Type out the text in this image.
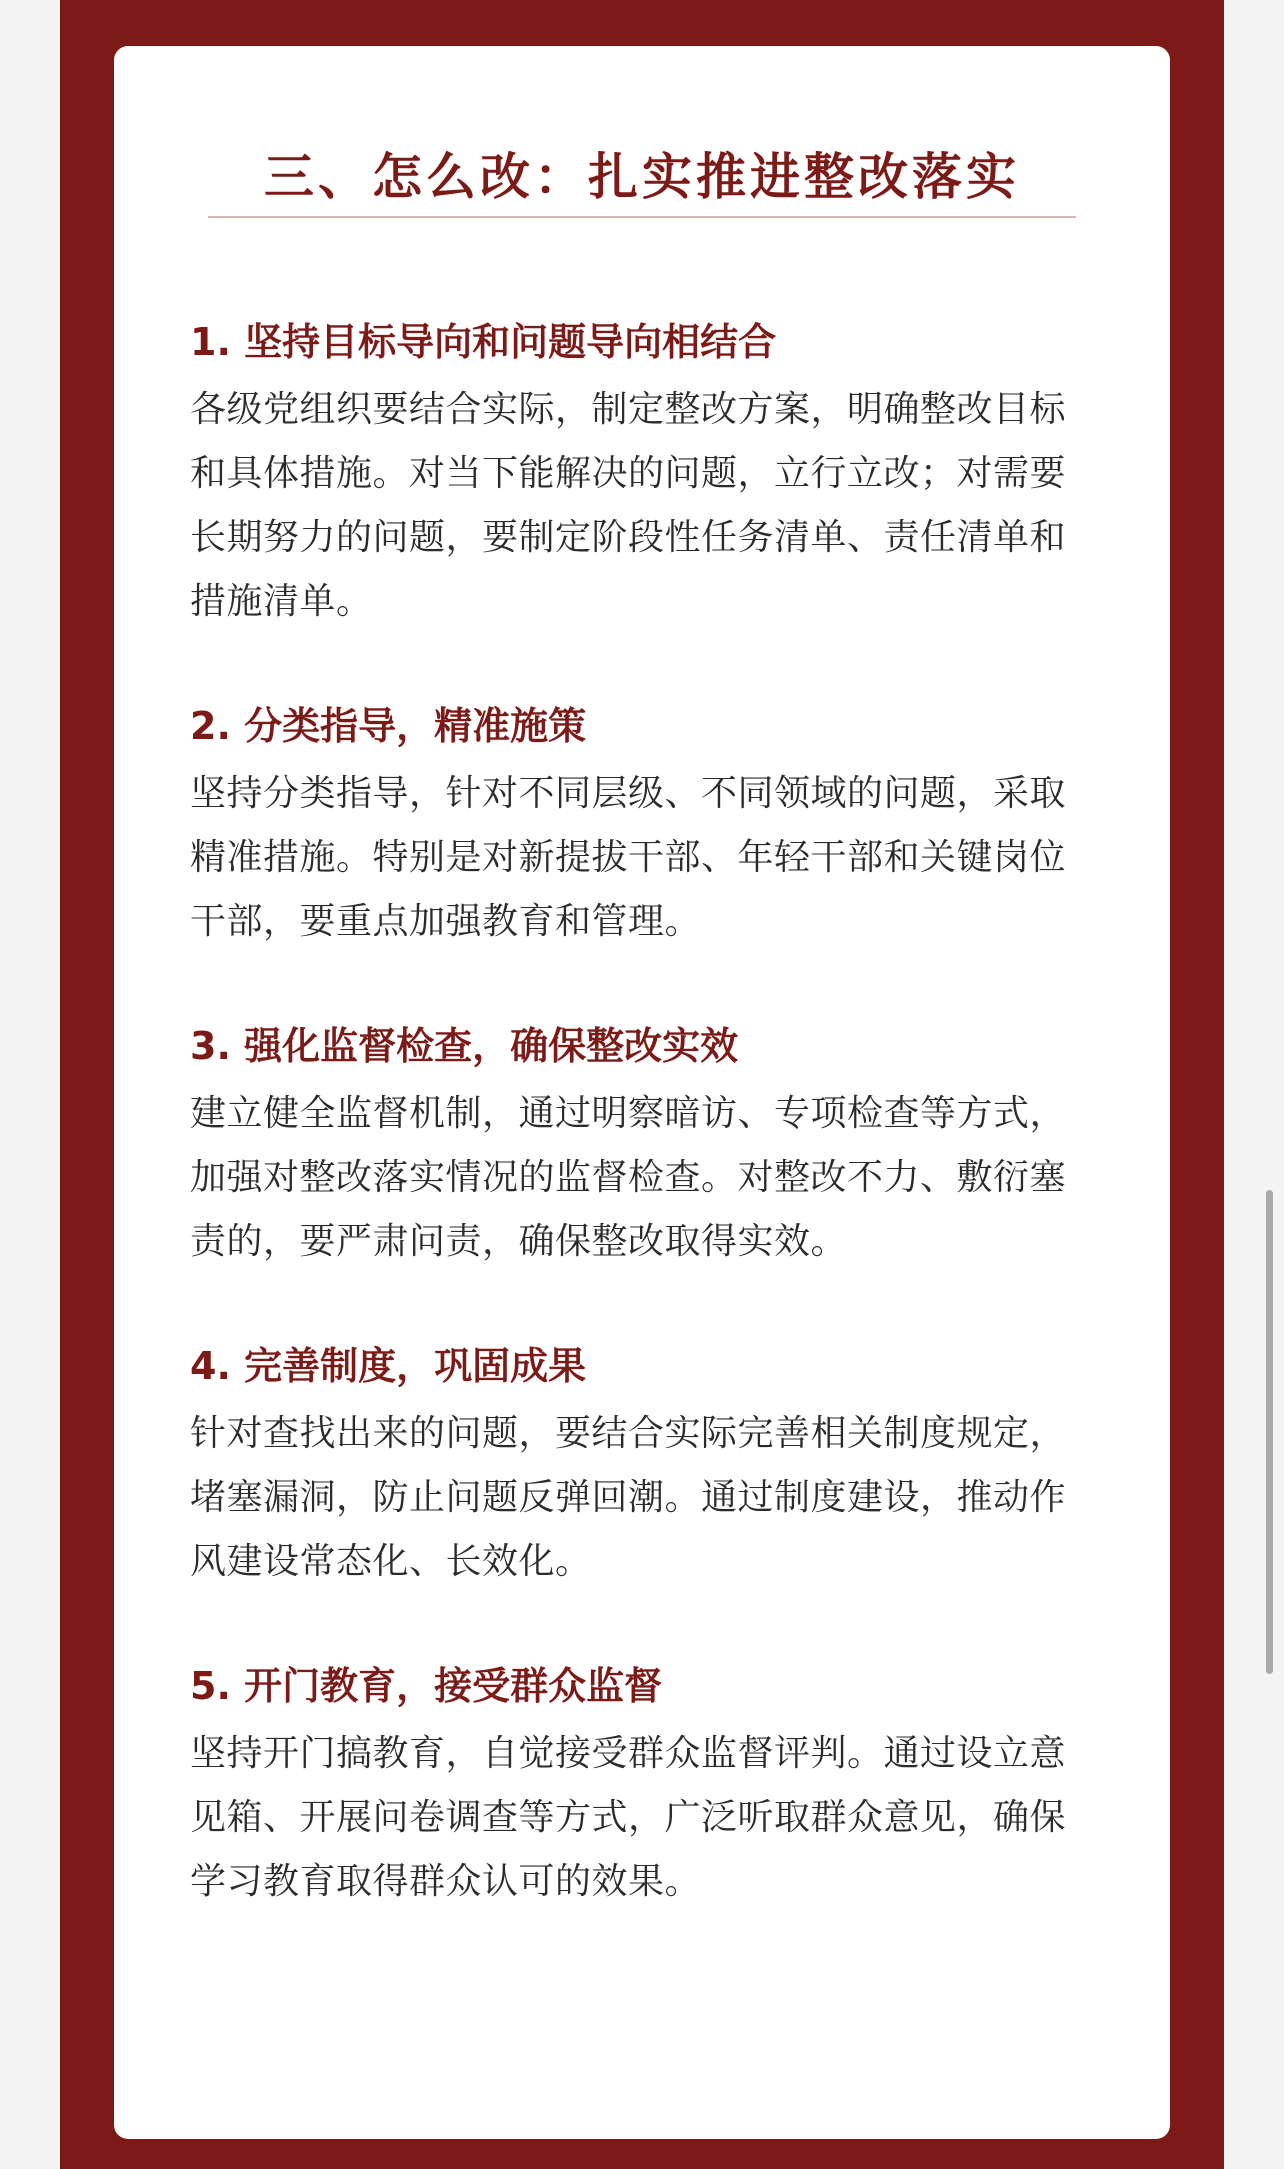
三、怎么改：扎实推进整改落实
1. 坚持目标导向和问题导向相结合
各级党组织要结合实际，制定整改方案，明确整改目标
和具体措施。对当下能解决的问题，立行立改；对需要
长期努力的问题，要制定阶段性任务清单、责任清单和
措施清单。
2. 分类指导，精准施策
坚持分类指导，针对不同层级、不同领域的问题，采取
精准措施。特别是对新提拔干部、年轻干部和关键岗位
干部，要重点加强教育和管理。
3. 强化监督检查，确保整改实效
建立健全监督机制，通过明察暗访、专项检查等方式，
加强对整改落实情况的监督检查。对整改不力、敷衍塞
责的，要严肃问责，确保整改取得实效。
4. 完善制度，巩固成果
针对查找出来的问题，要结合实际完善相关制度规定，
堵塞漏洞，防止问题反弹回潮。通过制度建设，推动作
风建设常态化、长效化。
5. 开门教育，接受群众监督
坚持开门搞教育，自觉接受群众监督评判。通过设立意
见箱、开展问卷调查等方式，广泛听取群众意见，确保
学习教育取得群众认可的效果。
